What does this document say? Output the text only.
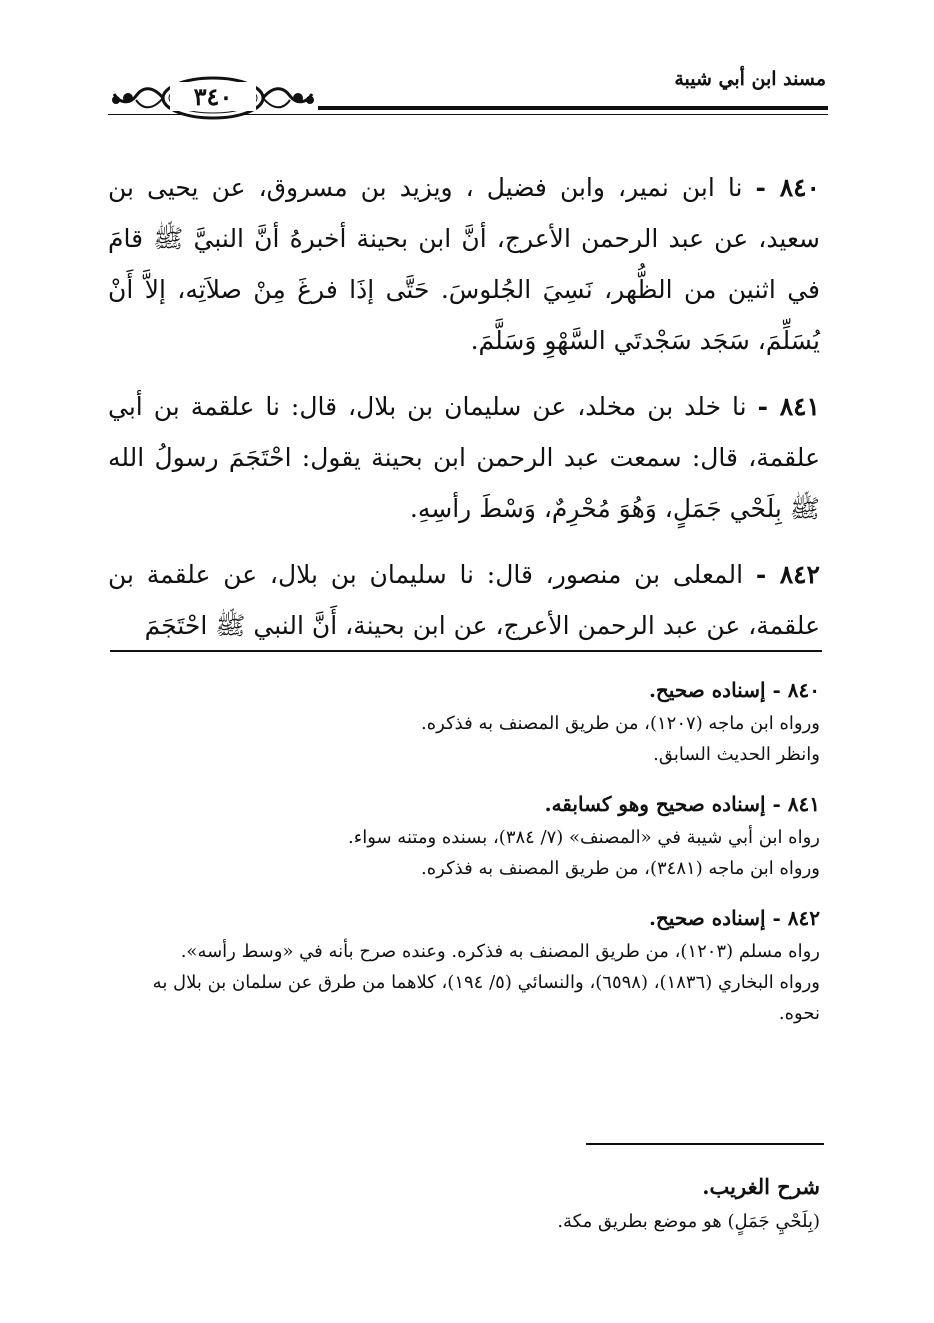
٣٤٠
مسند ابن أبي شيبة

٨٤٠ - نا ابن نمير، وابن فضيل ، ويزيد بن مسروق، عن يحيى بن سعيد، عن عبد الرحمن الأعرج، أنَّ ابن بحينة أخبرهُ أنَّ النبيَّ ﷺ قامَ في اثنين من الظُّهر، نَسِيَ الجُلوسَ. حَتَّى إذَا فرغَ مِنْ صلاَتِه، إلاَّ أَنْ يُسَلِّمَ، سَجَد سَجْدتَي السَّهْوِ وَسَلَّمَ.

٨٤١ - نا خلد بن مخلد، عن سليمان بن بلال، قال: نا علقمة بن أبي علقمة، قال: سمعت عبد الرحمن ابن بحينة يقول: احْتَجَمَ رسولُ الله ﷺ بِلَحْي جَمَلٍ، وَهُوَ مُحْرِمٌ، وَسْطَ رأسِهِ.

٨٤٢ - المعلى بن منصور، قال: نا سليمان بن بلال، عن علقمة بن علقمة، عن عبد الرحمن الأعرج، عن ابن بحينة، أَنَّ النبي ﷺ احْتَجَمَ

٨٤٠ - إسناده صحيح.
ورواه ابن ماجه (١٢٠٧)، من طريق المصنف به فذكره.
وانظر الحديث السابق.
٨٤١ - إسناده صحيح وهو كسابقه.
رواه ابن أبي شيبة في «المصنف» (٧/ ٣٨٤)، بسنده ومتنه سواء.
ورواه ابن ماجه (٣٤٨١)، من طريق المصنف به فذكره.
٨٤٢ - إسناده صحيح.
رواه مسلم (١٢٠٣)، من طريق المصنف به فذكره. وعنده صرح بأنه في «وسط رأسه».
ورواه البخاري (١٨٣٦)، (٦٥٩٨)، والنسائي (٥/ ١٩٤)، كلاهما من طرق عن سلمان بن بلال به نحوه.
شرح الغريب.
(بِلَحْيِ جَمَلٍ) هو موضع بطريق مكة.
